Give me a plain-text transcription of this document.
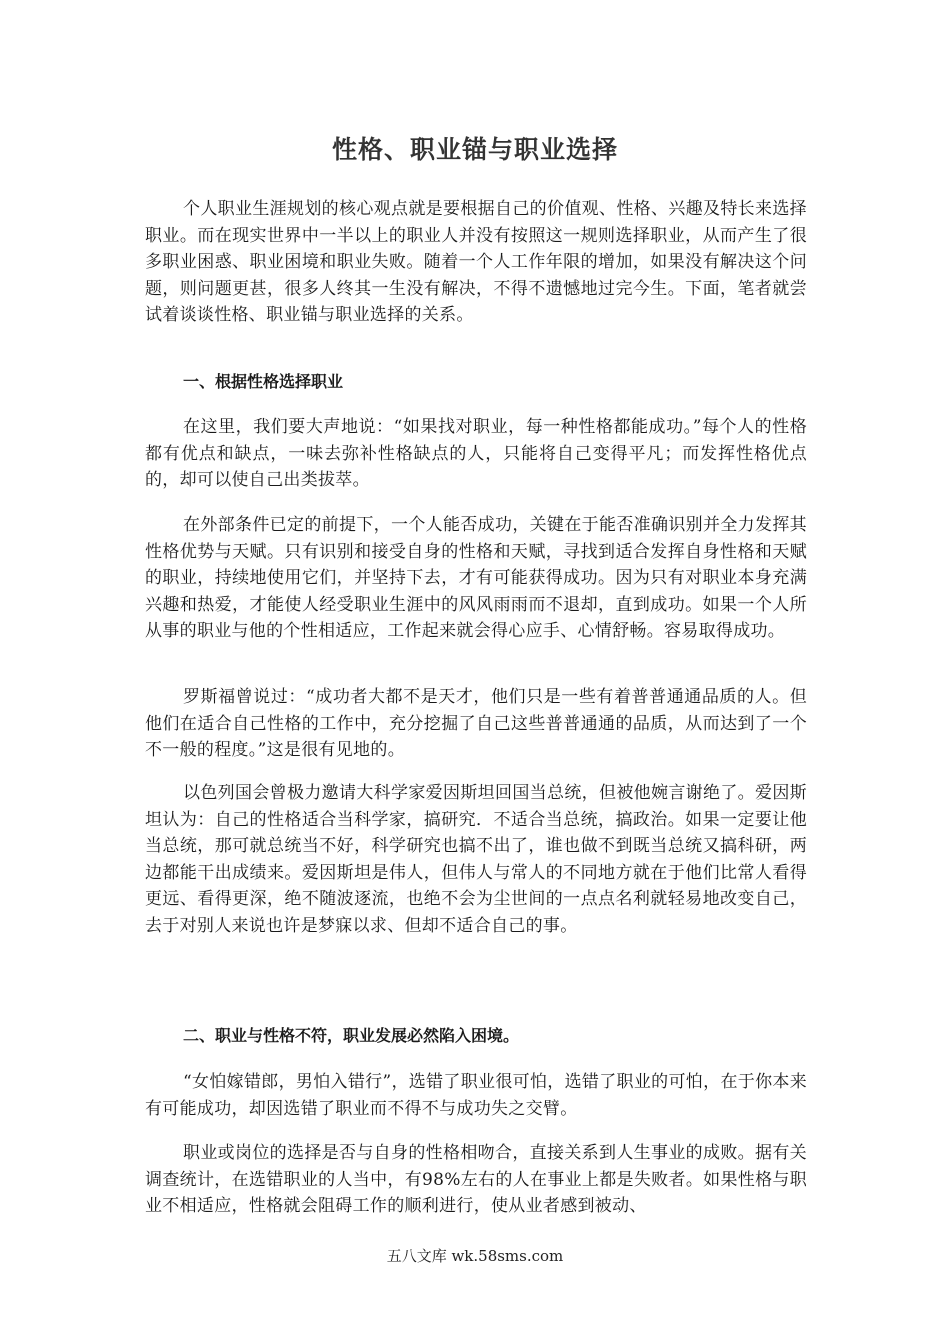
性格、职业锚与职业选择

个人职业生涯规划的核心观点就是要根据自己的价值观、性格、兴趣及特长来选择职业。而在现实世界中一半以上的职业人并没有按照这一规则选择职业，从而产生了很多职业困惑、职业困境和职业失败。随着一个人工作年限的增加，如果没有解决这个问题，则问题更甚，很多人终其一生没有解决，不得不遗憾地过完今生。下面，笔者就尝试着谈谈性格、职业锚与职业选择的关系。

一、根据性格选择职业

在这里，我们要大声地说：“如果找对职业，每一种性格都能成功。”每个人的性格都有优点和缺点，一味去弥补性格缺点的人，只能将自己变得平凡；而发挥性格优点的，却可以使自己出类拔萃。

在外部条件已定的前提下，一个人能否成功，关键在于能否准确识别并全力发挥其性格优势与天赋。只有识别和接受自身的性格和天赋，寻找到适合发挥自身性格和天赋的职业，持续地使用它们，并坚持下去，才有可能获得成功。因为只有对职业本身充满兴趣和热爱，才能使人经受职业生涯中的风风雨雨而不退却，直到成功。如果一个人所从事的职业与他的个性相适应，工作起来就会得心应手、心情舒畅。容易取得成功。

罗斯福曾说过：“成功者大都不是天才，他们只是一些有着普普通通品质的人。但他们在适合自己性格的工作中，充分挖掘了自己这些普普通通的品质，从而达到了一个不一般的程度。”这是很有见地的。

以色列国会曾极力邀请大科学家爱因斯坦回国当总统，但被他婉言谢绝了。爱因斯坦认为：自己的性格适合当科学家，搞研究．不适合当总统，搞政治。如果一定要让他当总统，那可就总统当不好，科学研究也搞不出了，谁也做不到既当总统又搞科研，两边都能干出成绩来。爱因斯坦是伟人，但伟人与常人的不同地方就在于他们比常人看得更远、看得更深，绝不随波逐流，也绝不会为尘世间的一点点名利就轻易地改变自己，去于对别人来说也许是梦寐以求、但却不适合自己的事。

二、职业与性格不符，职业发展必然陷入困境。

“女怕嫁错郎，男怕入错行”，选错了职业很可怕，选错了职业的可怕，在于你本来有可能成功，却因选错了职业而不得不与成功失之交臂。

职业或岗位的选择是否与自身的性格相吻合，直接关系到人生事业的成败。据有关调查统计，在选错职业的人当中，有98%左右的人在事业上都是失败者。如果性格与职业不相适应，性格就会阻碍工作的顺利进行，使从业者感到被动、

五八文库 wk.58sms.com
